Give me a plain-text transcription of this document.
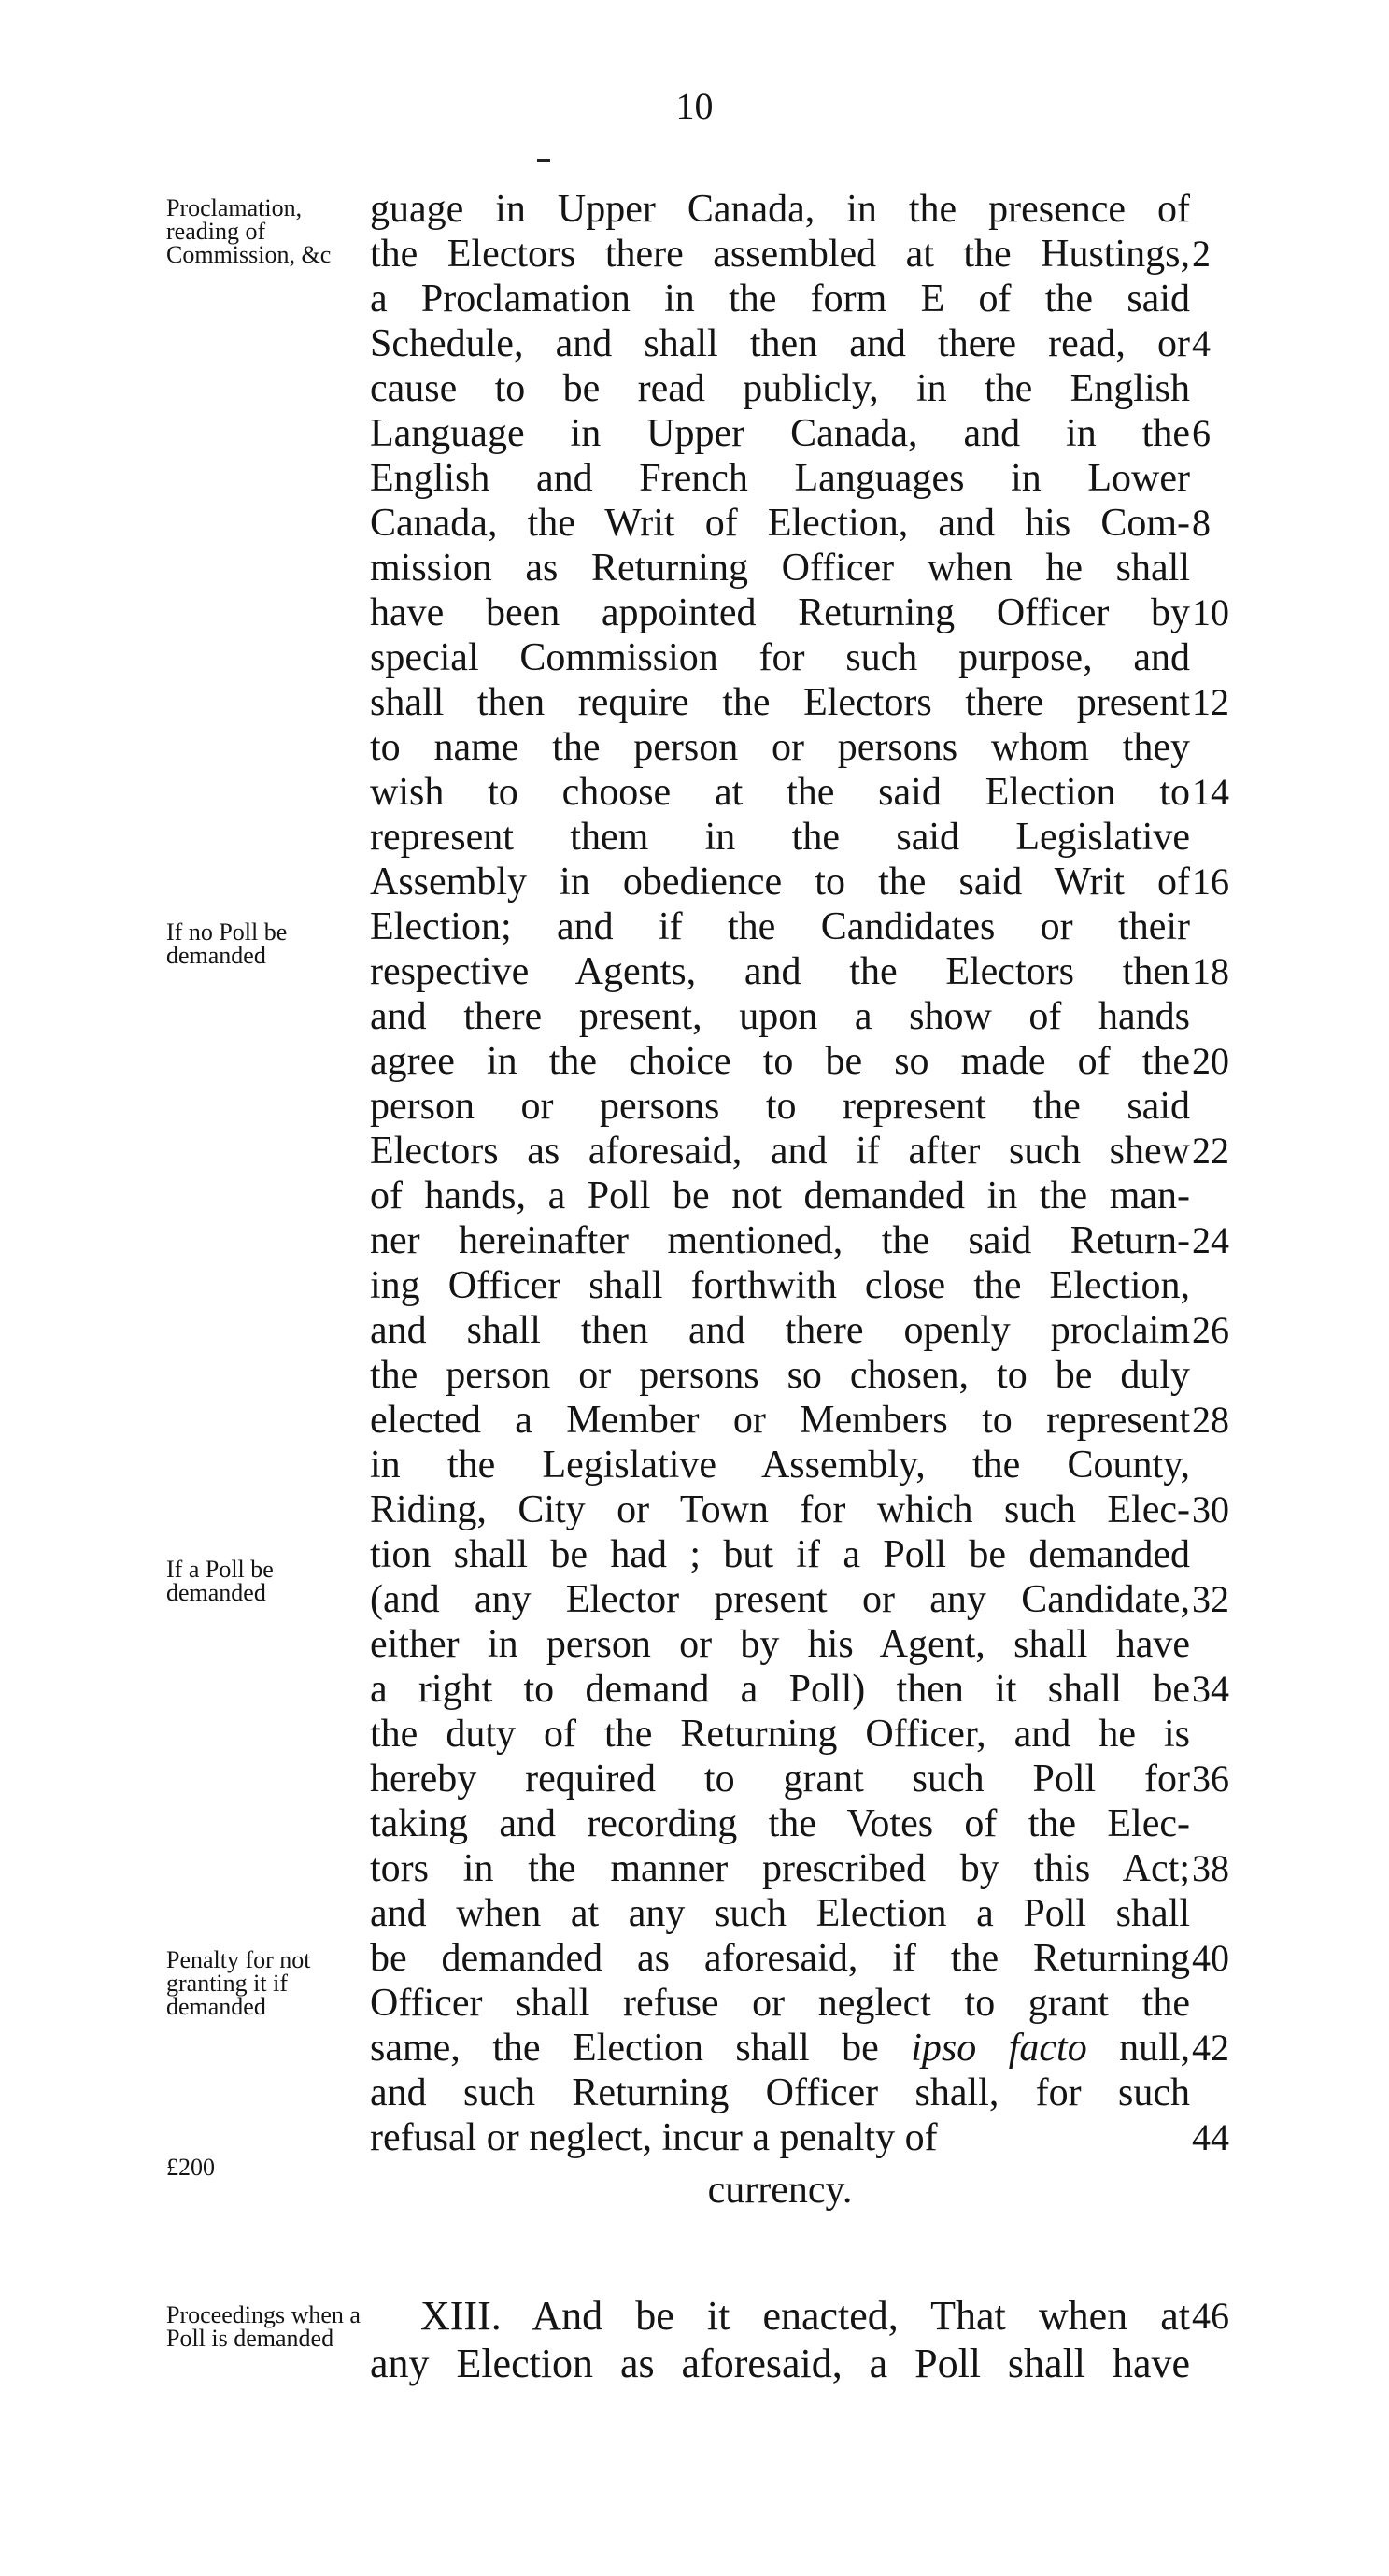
10
Proclamation, reading of Commission, &c
If no Poll be demanded
If a Poll be demanded
Penalty for not granting it if demanded
£200
Proceedings when a Poll is demanded
guage in Upper Canada, in the presence of
the Electors there assembled at the Hustings,
a Proclamation in the form E of the said
Schedule, and shall then and there read, or
cause to be read publicly, in the English
Language in Upper Canada, and in the
English and French Languages in Lower
Canada, the Writ of Election, and his Com-
mission as Returning Officer when he shall
have been appointed Returning Officer by
special Commission for such purpose, and
shall then require the Electors there present
to name the person or persons whom they
wish to choose at the said Election to
represent them in the said Legislative
Assembly in obedience to the said Writ of
Election; and if the Candidates or their
respective Agents, and the Electors then
and there present, upon a show of hands
agree in the choice to be so made of the
person or persons to represent the said
Electors as aforesaid, and if after such shew
of hands, a Poll be not demanded in the man-
ner hereinafter mentioned, the said Return-
ing Officer shall forthwith close the Election,
and shall then and there openly proclaim
the person or persons so chosen, to be duly
elected a Member or Members to represent
in the Legislative Assembly, the County,
Riding, City or Town for which such Elec-
tion shall be had ; but if a Poll be demanded
(and any Elector present or any Candidate,
either in person or by his Agent, shall have
a right to demand a Poll) then it shall be
the duty of the Returning Officer, and he is
hereby required to grant such Poll for
taking and recording the Votes of the Elec-
tors in the manner prescribed by this Act;
and when at any such Election a Poll shall
be demanded as aforesaid, if the Returning
Officer shall refuse or neglect to grant the
same, the Election shall be ipso facto null,
and such Returning Officer shall, for such
refusal or neglect, incur a penalty of
currency.
XIII. And be it enacted, That when at
any Election as aforesaid, a Poll shall have
2
4
6
8
10
12
14
16
18
20
22
24
26
28
30
32
34
36
38
40
42
44
46
